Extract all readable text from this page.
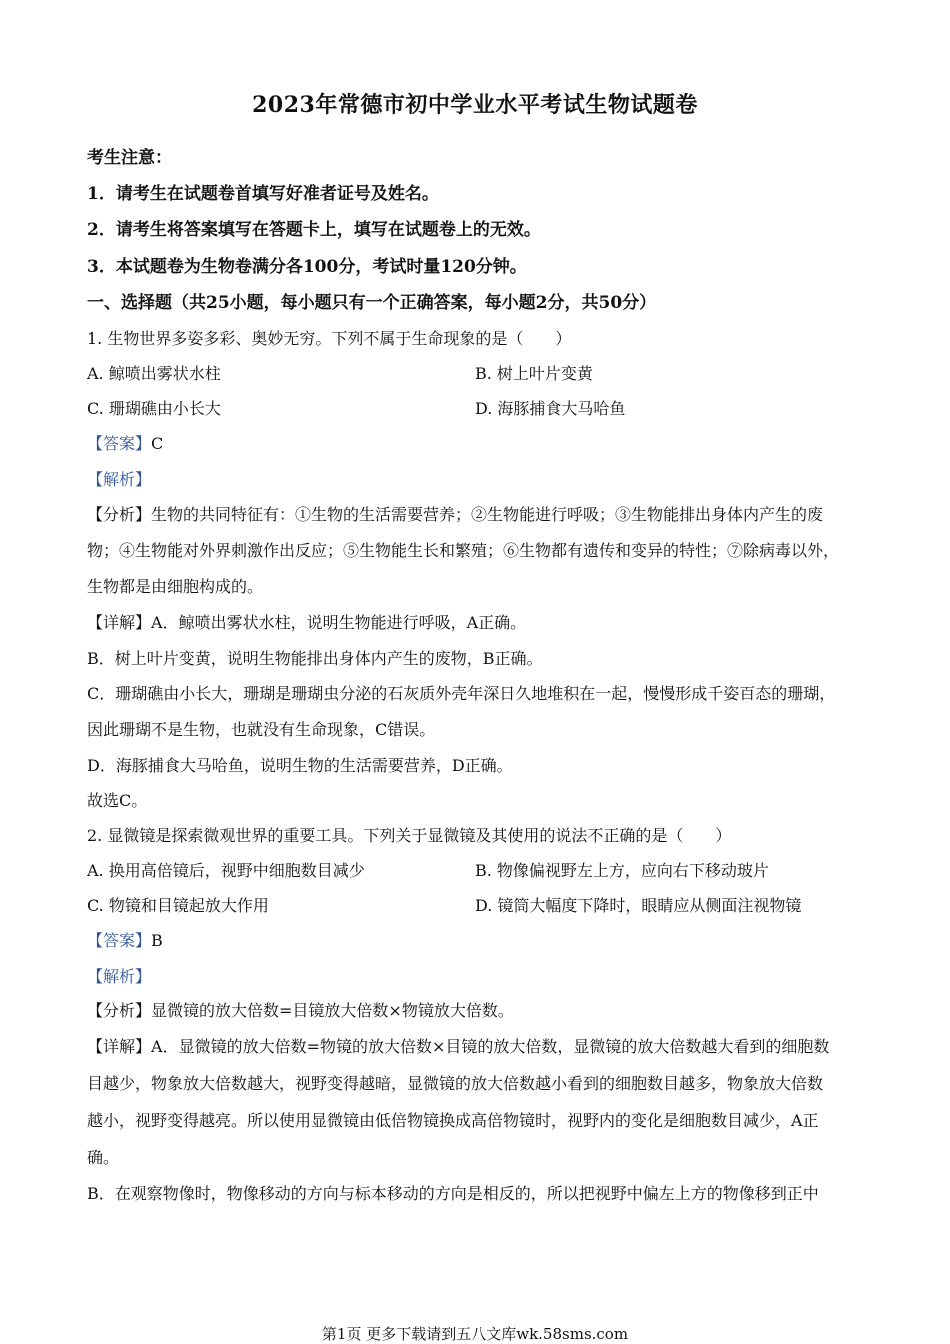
2023年常德市初中学业水平考试生物试题卷
考生注意：
1．请考生在试题卷首填写好准者证号及姓名。
2．请考生将答案填写在答题卡上，填写在试题卷上的无效。
3．本试题卷为生物卷满分各100分，考试时量120分钟。
一、选择题（共25小题，每小题只有一个正确答案，每小题2分，共50分）
1. 生物世界多姿多彩、奥妙无穷。下列不属于生命现象的是（　　）
A. 鲸喷出雾状水柱	B. 树上叶片变黄
C. 珊瑚礁由小长大	D. 海豚捕食大马哈鱼
【答案】C
【解析】
【分析】生物的共同特征有：①生物的生活需要营养；②生物能进行呼吸；③生物能排出身体内产生的废
物；④生物能对外界刺激作出反应；⑤生物能生长和繁殖；⑥生物都有遗传和变异的特性；⑦除病毒以外，
生物都是由细胞构成的。
【详解】A．鲸喷出雾状水柱，说明生物能进行呼吸，A正确。
B．树上叶片变黄，说明生物能排出身体内产生的废物，B正确。
C．珊瑚礁由小长大，珊瑚是珊瑚虫分泌的石灰质外壳年深日久地堆积在一起，慢慢形成千姿百态的珊瑚，
因此珊瑚不是生物，也就没有生命现象，C错误。
D．海豚捕食大马哈鱼，说明生物的生活需要营养，D正确。
故选C。
2. 显微镜是探索微观世界的重要工具。下列关于显微镜及其使用的说法不正确的是（　　）
A. 换用高倍镜后，视野中细胞数目减少	B. 物像偏视野左上方，应向右下移动玻片
C. 物镜和目镜起放大作用	D. 镜筒大幅度下降时，眼睛应从侧面注视物镜
【答案】B
【解析】
【分析】显微镜的放大倍数=目镜放大倍数×物镜放大倍数。
【详解】A．显微镜的放大倍数=物镜的放大倍数×目镜的放大倍数，显微镜的放大倍数越大看到的细胞数
目越少，物象放大倍数越大，视野变得越暗，显微镜的放大倍数越小看到的细胞数目越多，物象放大倍数
越小，视野变得越亮。所以使用显微镜由低倍物镜换成高倍物镜时，视野内的变化是细胞数目减少，A正
确。
B．在观察物像时，物像移动的方向与标本移动的方向是相反的，所以把视野中偏左上方的物像移到正中
第1页 更多下载请到五八文库wk.58sms.com
